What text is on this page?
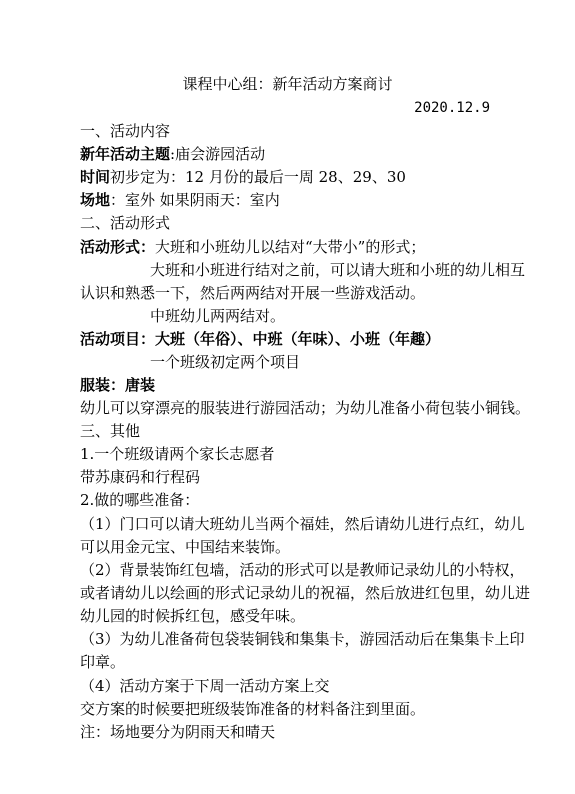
课程中心组：新年活动方案商讨
2020.12.9
一、活动内容
新年活动主题:庙会游园活动
时间初步定为：12 月份的最后一周 28、29、30
场地：室外 如果阴雨天：室内
二、活动形式
活动形式：大班和小班幼儿以结对“大带小”的形式；
大班和小班进行结对之前，可以请大班和小班的幼儿相互
认识和熟悉一下，然后两两结对开展一些游戏活动。
中班幼儿两两结对。
活动项目：大班（年俗）、中班（年味）、小班（年趣）
一个班级初定两个项目
服装：唐装
幼儿可以穿漂亮的服装进行游园活动；为幼儿准备小荷包装小铜钱。
三、其他
1.一个班级请两个家长志愿者
带苏康码和行程码
2.做的哪些准备：
（1）门口可以请大班幼儿当两个福娃，然后请幼儿进行点红，幼儿
可以用金元宝、中国结来装饰。
（2）背景装饰红包墙，活动的形式可以是教师记录幼儿的小特权，
或者请幼儿以绘画的形式记录幼儿的祝福，然后放进红包里，幼儿进
幼儿园的时候拆红包，感受年味。
（3）为幼儿准备荷包袋装铜钱和集集卡，游园活动后在集集卡上印
印章。
（4）活动方案于下周一活动方案上交
交方案的时候要把班级装饰准备的材料备注到里面。
注：场地要分为阴雨天和晴天
